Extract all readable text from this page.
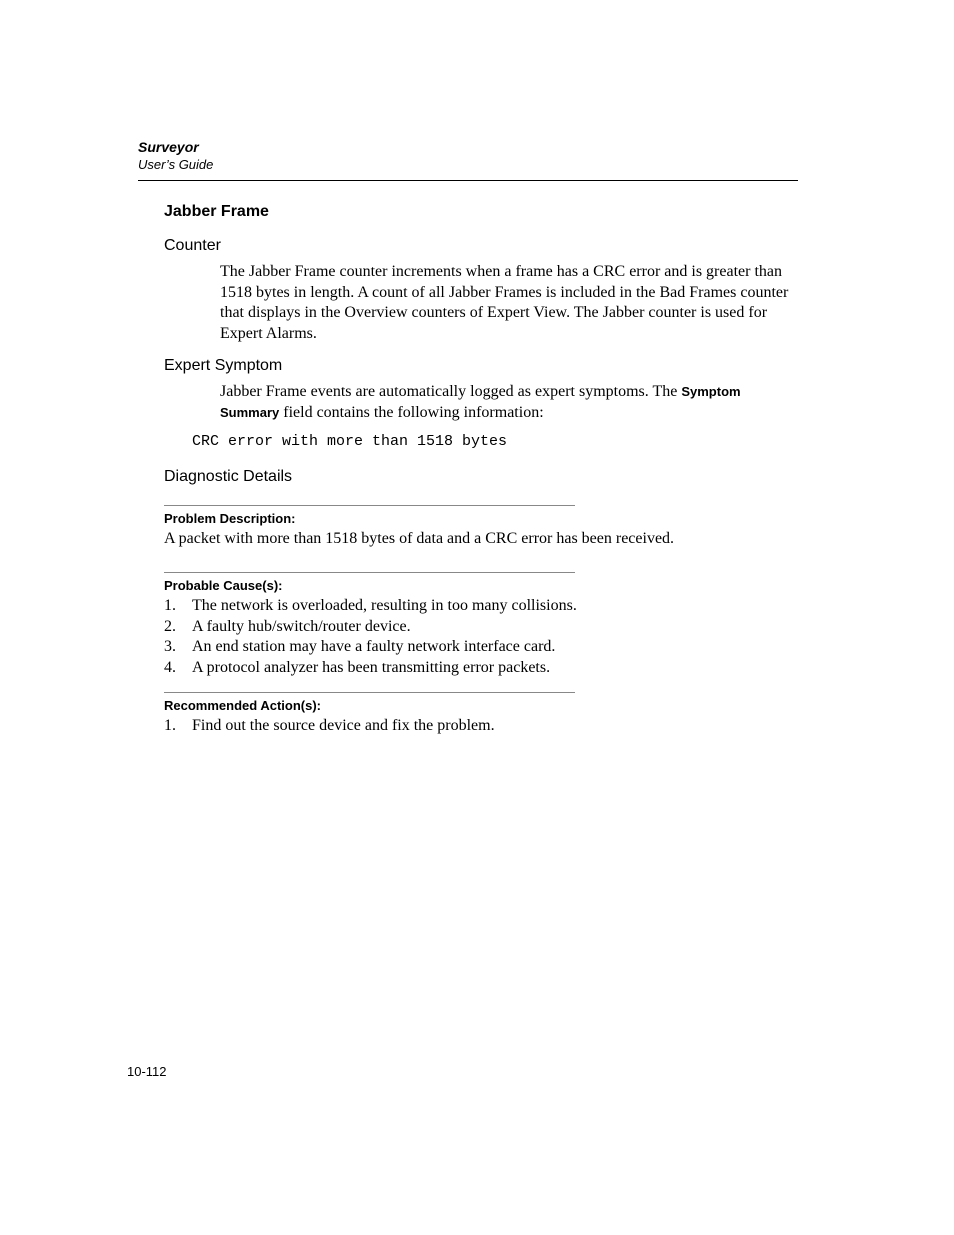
Surveyor
User’s Guide
Jabber Frame
Counter
The Jabber Frame counter increments when a frame has a CRC error and is greater than 1518 bytes in length. A count of all Jabber Frames is included in the Bad Frames counter that displays in the Overview counters of Expert View. The Jabber counter is used for Expert Alarms.
Expert Symptom
Jabber Frame events are automatically logged as expert symptoms. The Symptom Summary field contains the following information:
CRC error with more than 1518 bytes
Diagnostic Details
Problem Description:
A packet with more than 1518 bytes of data and a CRC error has been received.
Probable Cause(s):
1. The network is overloaded, resulting in too many collisions.
2. A faulty hub/switch/router device.
3. An end station may have a faulty network interface card.
4. A protocol analyzer has been transmitting error packets.
Recommended Action(s):
1. Find out the source device and fix the problem.
10-112
